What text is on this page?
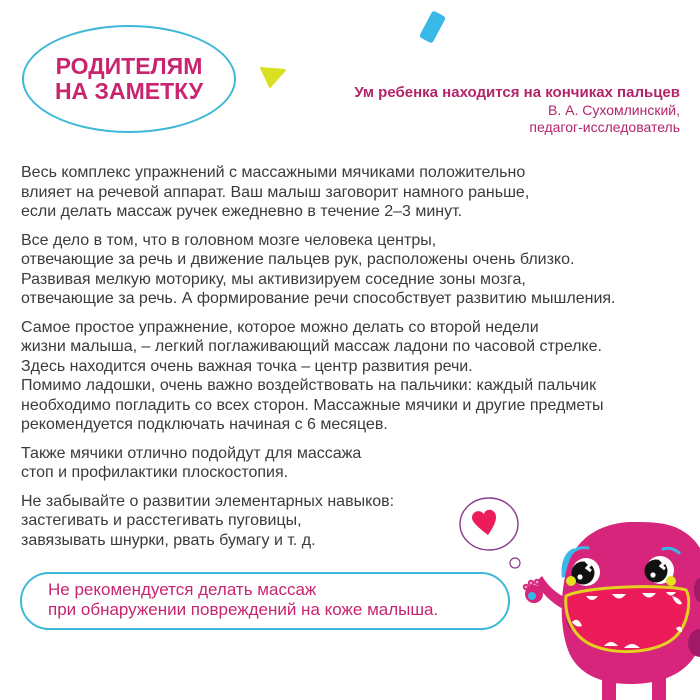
РОДИТЕЛЯМ
НА ЗАМЕТКУ	Ум ребенка находится на кончиках пальцев
В. А. Сухомлинский,
педагог-исследователь

Весь комплекс упражнений с массажными мячиками положительно
влияет на речевой аппарат. Ваш малыш заговорит намного раньше,
если делать массаж ручек ежедневно в течение 2–3 минут.

Все дело в том, что в головном мозге человека центры,
отвечающие за речь и движение пальцев рук, расположены очень близко.
Развивая мелкую моторику, мы активизируем соседние зоны мозга,
отвечающие за речь. А формирование речи способствует развитию мышления.

Самое простое упражнение, которое можно делать со второй недели
жизни малыша, – легкий поглаживающий массаж ладони по часовой стрелке.
Здесь находится очень важная точка – центр развития речи.
Помимо ладошки, очень важно воздействовать на пальчики: каждый пальчик
необходимо погладить со всех сторон. Массажные мячики и другие предметы
рекомендуется подключать начиная с 6 месяцев.

Также мячики отлично подойдут для массажа
стоп и профилактики плоскостопия.

Не забывайте о развитии элементарных навыков:
застегивать и расстегивать пуговицы,
завязывать шнурки, рвать бумагу и т. д.

Не рекомендуется делать массаж
при обнаружении повреждений на коже малыша.
